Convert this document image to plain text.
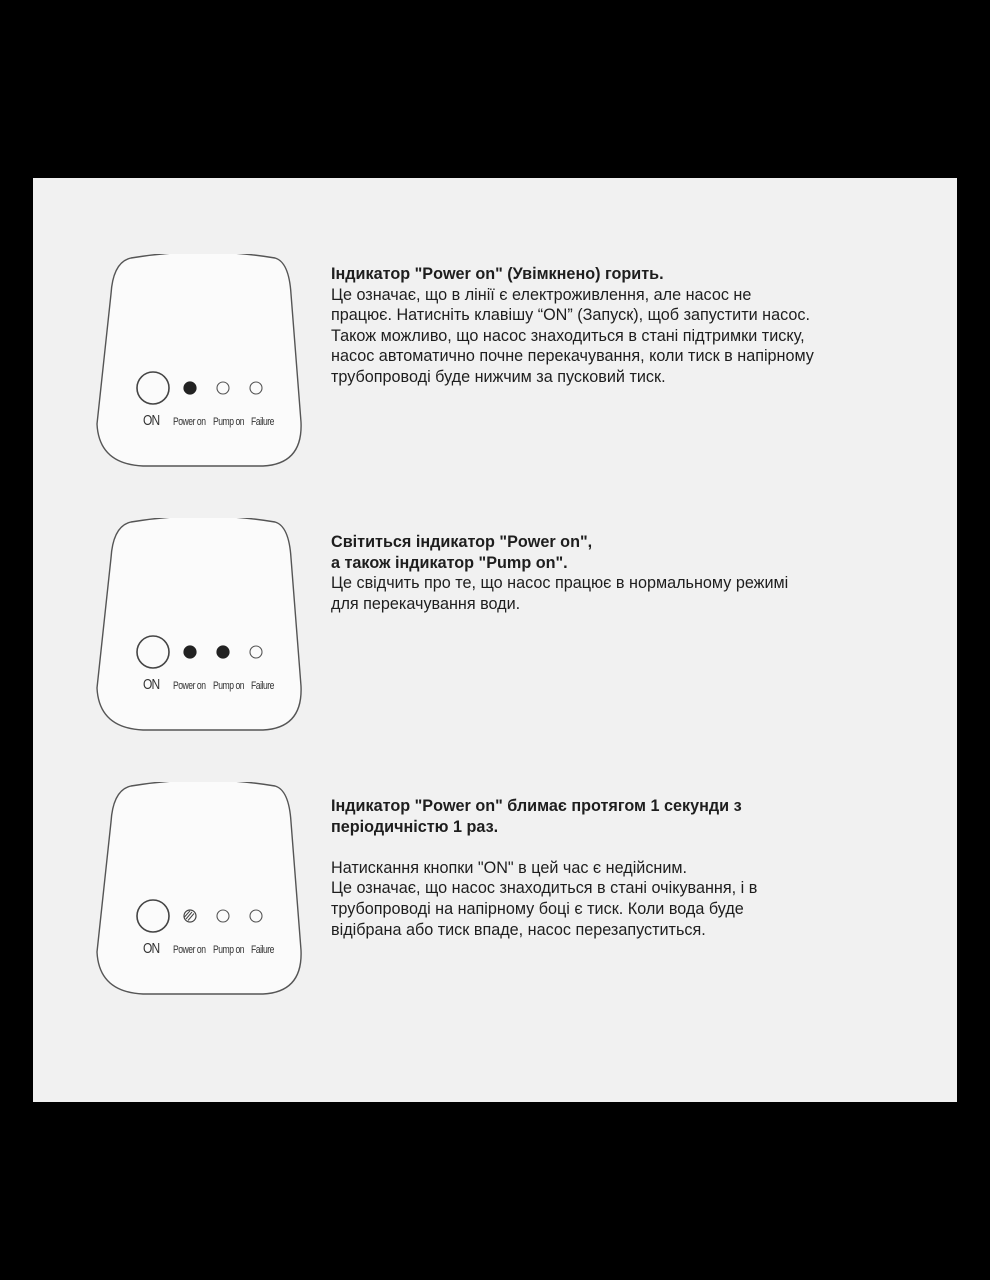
ON Power on Pump on Failure
Індикатор "Power on" (Увімкнено) горить.
Це означає, що в лінії є електроживлення, але насос не
працює. Натисніть клавішу “ON” (Запуск), щоб запустити насос.
Також можливо, що насос знаходиться в стані підтримки тиску,
насос автоматично почне перекачування, коли тиск в напірному
трубопроводі буде нижчим за пусковий тиск.
ON Power on Pump on Failure
Світиться індикатор "Power on",
а також індикатор "Pump on".
Це свідчить про те, що насос працює в нормальному режимі
для перекачування води.
ON Power on Pump on Failure
Індикатор "Power on" блимає протягом 1 секунди з
періодичністю 1 раз.
Натискання кнопки "ON" в цей час є недійсним.
Це означає, що насос знаходиться в стані очікування, і в
трубопроводі на напірному боці є тиск. Коли вода буде
відібрана або тиск впаде, насос перезапуститься.
